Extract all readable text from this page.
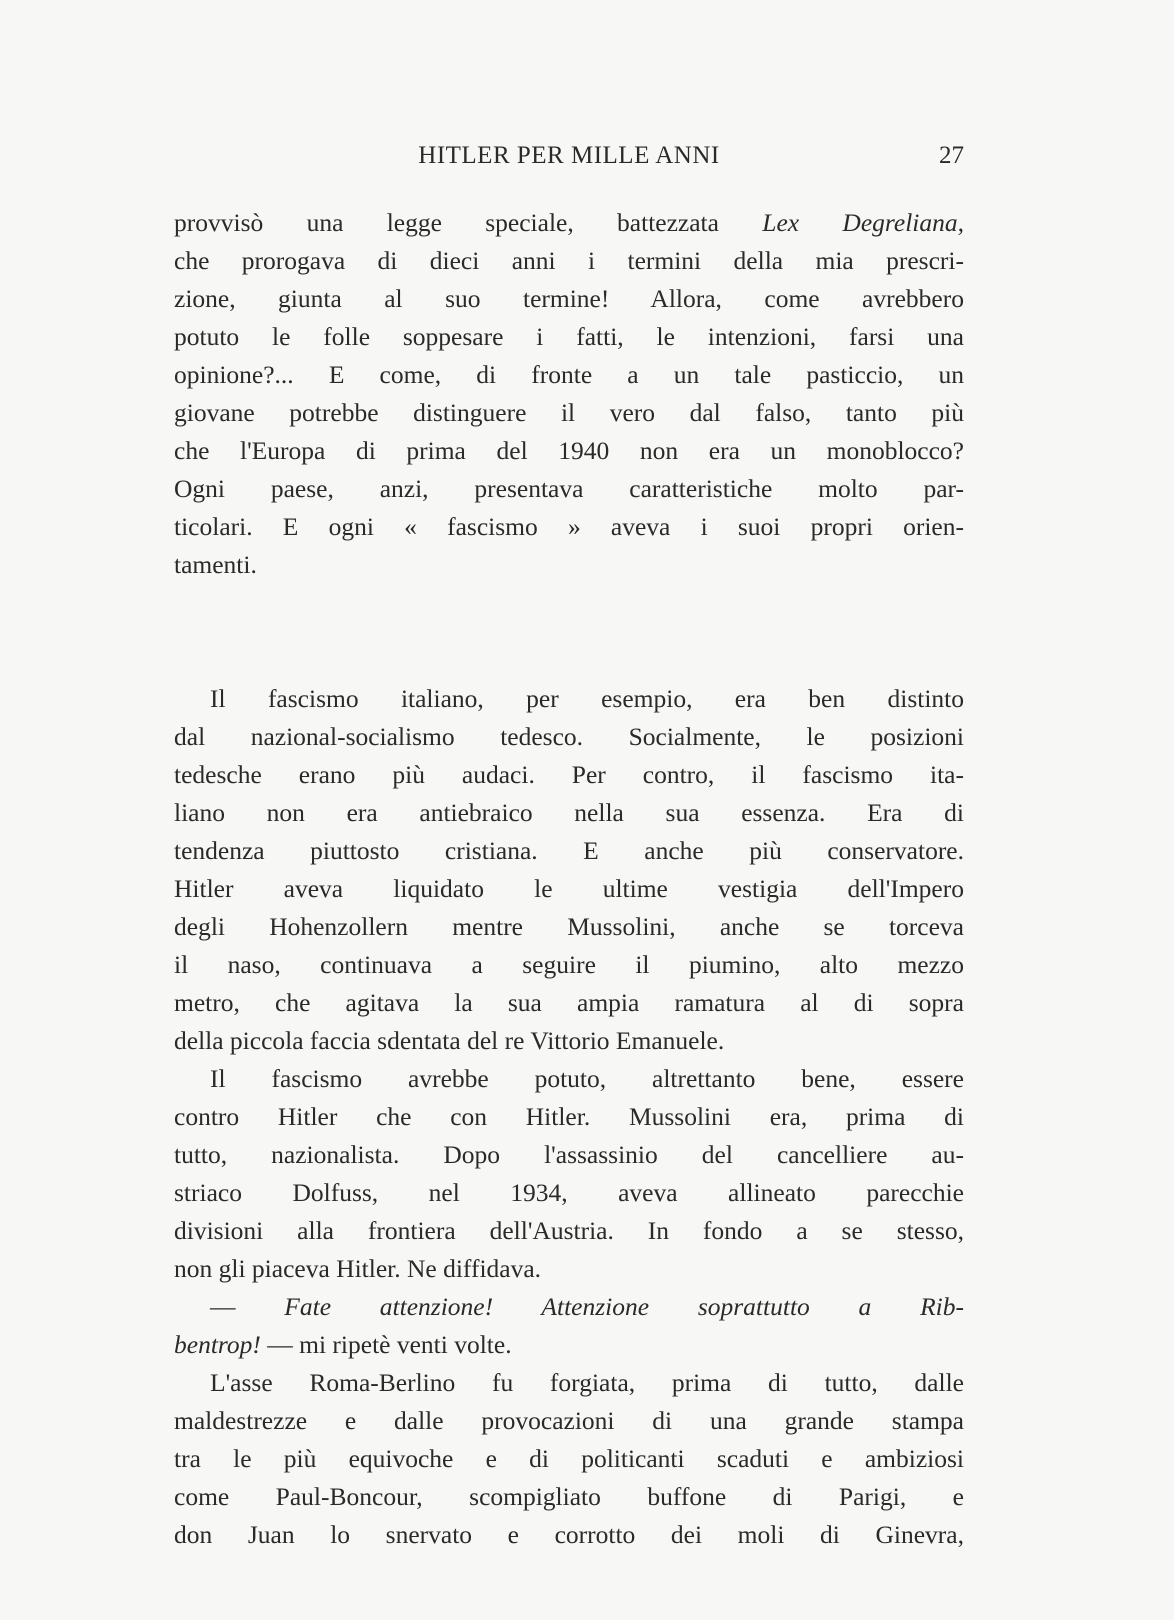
HITLER PER MILLE ANNI	27
provvisò una legge speciale, battezzata Lex Degreliana,
che prorogava di dieci anni i termini della mia prescri-
zione, giunta al suo termine! Allora, come avrebbero
potuto le folle soppesare i fatti, le intenzioni, farsi una
opinione?... E come, di fronte a un tale pasticcio, un
giovane potrebbe distinguere il vero dal falso, tanto più
che l'Europa di prima del 1940 non era un monoblocco?
Ogni paese, anzi, presentava caratteristiche molto par-
ticolari. E ogni « fascismo » aveva i suoi propri orien-
tamenti.
Il fascismo italiano, per esempio, era ben distinto
dal nazional-socialismo tedesco. Socialmente, le posizioni
tedesche erano più audaci. Per contro, il fascismo ita-
liano non era antiebraico nella sua essenza. Era di
tendenza piuttosto cristiana. E anche più conservatore.
Hitler aveva liquidato le ultime vestigia dell'Impero
degli Hohenzollern mentre Mussolini, anche se torceva
il naso, continuava a seguire il piumino, alto mezzo
metro, che agitava la sua ampia ramatura al di sopra
della piccola faccia sdentata del re Vittorio Emanuele.
Il fascismo avrebbe potuto, altrettanto bene, essere
contro Hitler che con Hitler. Mussolini era, prima di
tutto, nazionalista. Dopo l'assassinio del cancelliere au-
striaco Dolfuss, nel 1934, aveva allineato parecchie
divisioni alla frontiera dell'Austria. In fondo a se stesso,
non gli piaceva Hitler. Ne diffidava.
— Fate attenzione! Attenzione soprattutto a Rib-
bentrop! — mi ripetè venti volte.
L'asse Roma-Berlino fu forgiata, prima di tutto, dalle
maldestrezze e dalle provocazioni di una grande stampa
tra le più equivoche e di politicanti scaduti e ambiziosi
come Paul-Boncour, scompigliato buffone di Parigi, e
don Juan lo snervato e corrotto dei moli di Ginevra,
